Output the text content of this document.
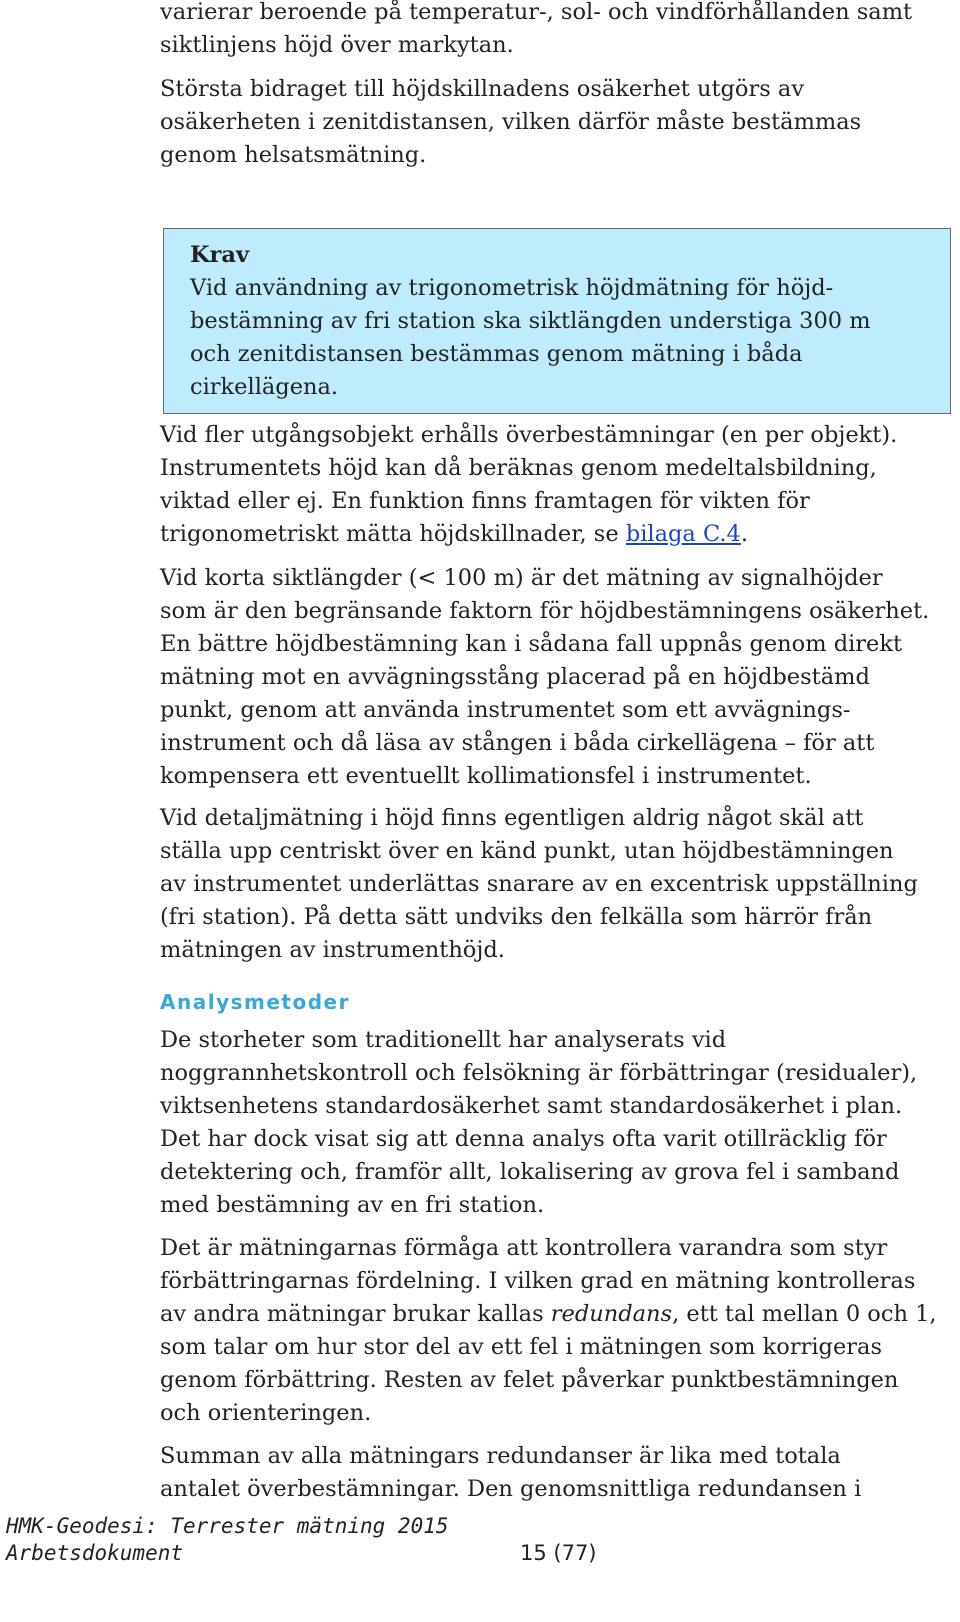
varierar beroende på temperatur-, sol- och vindförhållanden samt
siktlinjens höjd över markytan.

Största bidraget till höjdskillnadens osäkerhet utgörs av
osäkerheten i zenitdistansen, vilken därför måste bestämmas
genom helsatsmätning.

Krav
Vid användning av trigonometrisk höjdmätning för höjd-
bestämning av fri station ska siktlängden understiga 300 m
och zenitdistansen bestämmas genom mätning i båda
cirkellägena.

Vid fler utgångsobjekt erhålls överbestämningar (en per objekt).
Instrumentets höjd kan då beräknas genom medeltalsbildning,
viktad eller ej. En funktion finns framtagen för vikten för
trigonometriskt mätta höjdskillnader, se bilaga C.4.

Vid korta siktlängder (< 100 m) är det mätning av signalhöjder
som är den begränsande faktorn för höjdbestämningens osäkerhet.
En bättre höjdbestämning kan i sådana fall uppnås genom direkt
mätning mot en avvägningsstång placerad på en höjdbestämd
punkt, genom att använda instrumentet som ett avvägnings-
instrument och då läsa av stången i båda cirkellägena – för att
kompensera ett eventuellt kollimationsfel i instrumentet.

Vid detaljmätning i höjd finns egentligen aldrig något skäl att
ställa upp centriskt över en känd punkt, utan höjdbestämningen
av instrumentet underlättas snarare av en excentrisk uppställning
(fri station). På detta sätt undviks den felkälla som härrör från
mätningen av instrumenthöjd.

Analysmetoder

De storheter som traditionellt har analyserats vid
noggrannhetskontroll och felsökning är förbättringar (residualer),
viktsenhetens standardosäkerhet samt standardosäkerhet i plan.
Det har dock visat sig att denna analys ofta varit otillräcklig för
detektering och, framför allt, lokalisering av grova fel i samband
med bestämning av en fri station.

Det är mätningarnas förmåga att kontrollera varandra som styr
förbättringarnas fördelning. I vilken grad en mätning kontrolleras
av andra mätningar brukar kallas redundans, ett tal mellan 0 och 1,
som talar om hur stor del av ett fel i mätningen som korrigeras
genom förbättring. Resten av felet påverkar punktbestämningen
och orienteringen.

Summan av alla mätningars redundanser är lika med totala
antalet överbestämningar. Den genomsnittliga redundansen i

HMK-Geodesi: Terrester mätning 2015
Arbetsdokument	15 (77)
